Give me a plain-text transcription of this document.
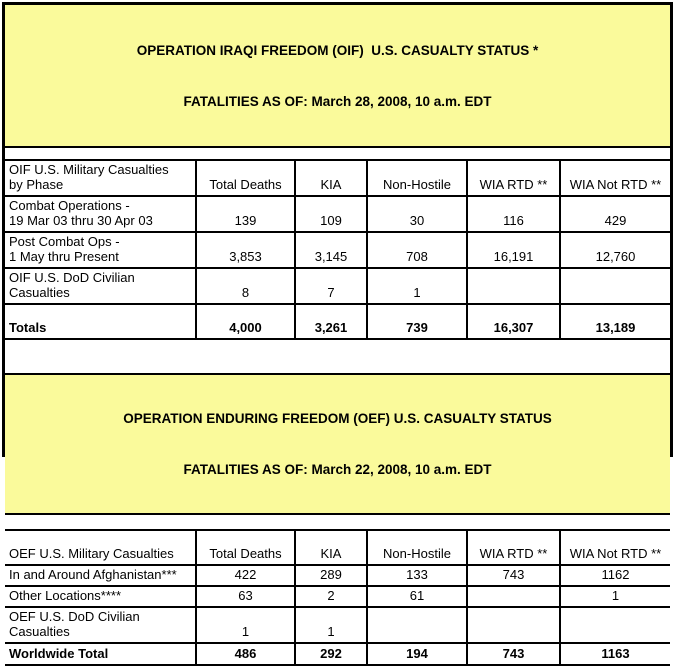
OPERATION IRAQI FREEDOM (OIF)  U.S. CASUALTY STATUS *

FATALITIES AS OF: March 28, 2008, 10 a.m. EDT

OIF U.S. Military Casualties
by Phase	Total Deaths	KIA	Non-Hostile	WIA RTD **	WIA Not RTD **

Combat Operations -
19 Mar 03 thru 30 Apr 03	139	109	30	116	429

Post Combat Ops -
1 May thru Present	3,853	3,145	708	16,191	12,760

OIF U.S. DoD Civilian
Casualties	8	7	1		
Totals	4,000	3,261	739	16,307	13,189

OPERATION ENDURING FREEDOM (OEF) U.S. CASUALTY STATUS

FATALITIES AS OF: March 22, 2008, 10 a.m. EDT

OEF U.S. Military Casualties	Total Deaths	KIA	Non-Hostile	WIA RTD **	WIA Not RTD **
In and Around Afghanistan***	422	289	133	743	1162
Other Locations****	63	2	61		1

OEF U.S. DoD Civilian
Casualties	1	1			
Worldwide Total	486	292	194	743	1163
